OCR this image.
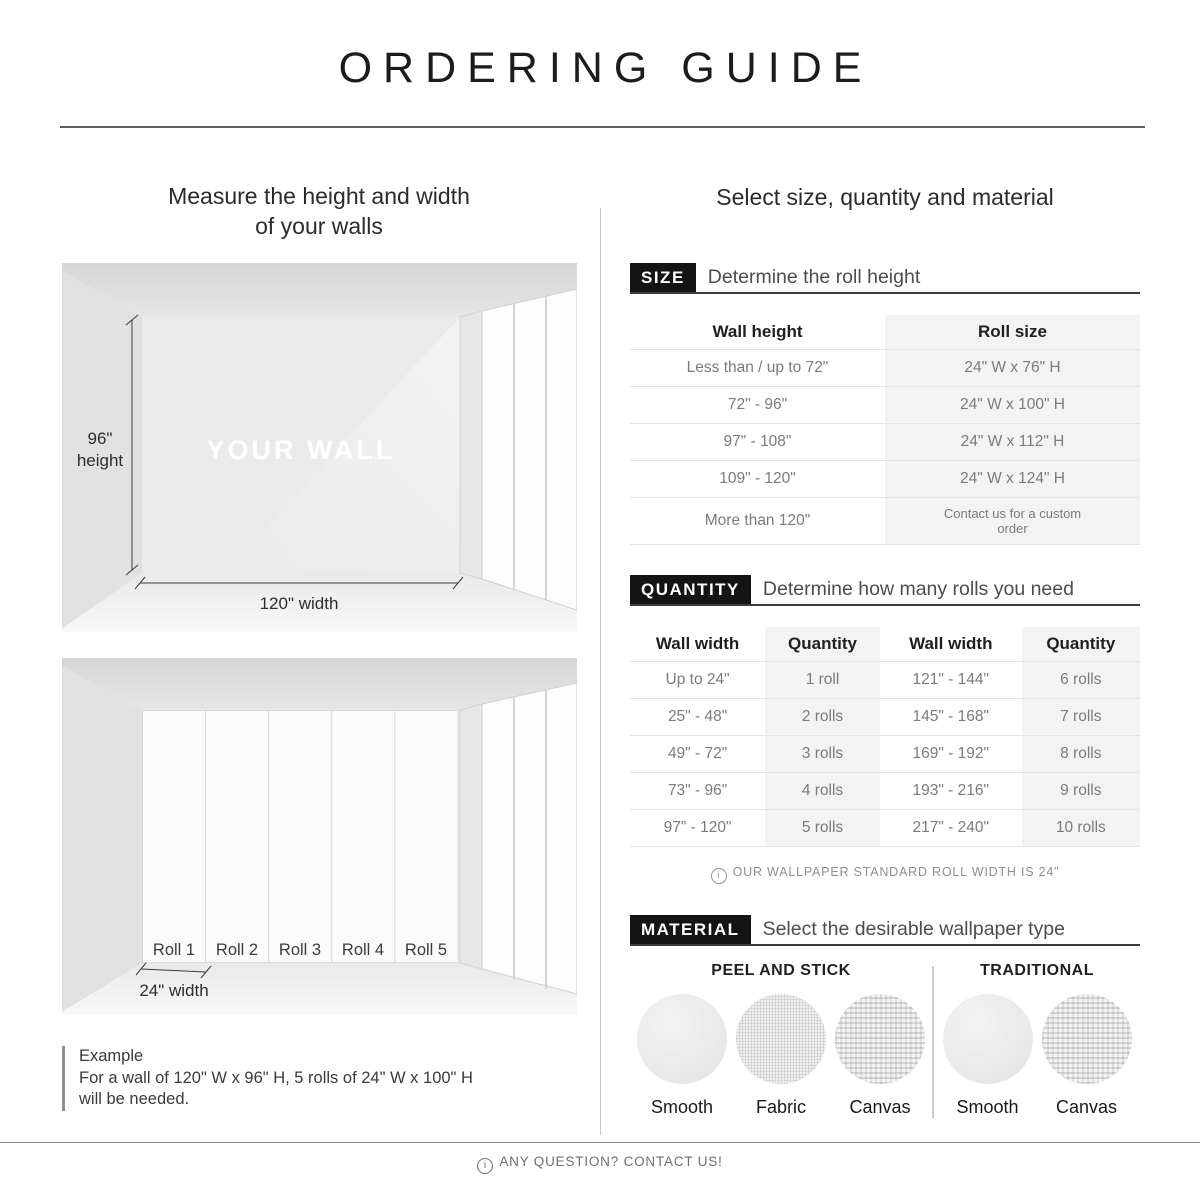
ORDERING GUIDE
Measure the height and width
of your walls
96"
height	YOUR WALL
120" width
Roll 1 Roll 2 Roll 3 Roll 4 Roll 5
24" width
Example
For a wall of 120" W x 96" H, 5 rolls of 24" W x 100" H
will be needed.
Select size, quantity and material
SIZE	Determine the roll height
Wall height	Roll size
Less than / up to 72"	24" W x 76" H
72" - 96"	24" W x 100" H
97" - 108"	24" W x 112" H
109" - 120"	24" W x 124" H
More than 120"	Contact us for a custom order
QUANTITY	Determine how many rolls you need
Wall width	Quantity	Wall width	Quantity
Up to 24"	1 roll	121" - 144"	6 rolls
25" - 48"	2 rolls	145" - 168"	7 rolls
49" - 72"	3 rolls	169" - 192"	8 rolls
73" - 96"	4 rolls	193" - 216"	9 rolls
97" - 120"	5 rolls	217" - 240"	10 rolls
i OUR WALLPAPER STANDARD ROLL WIDTH IS 24"
MATERIAL	Select the desirable wallpaper type
PEEL AND STICK
Smooth Fabric Canvas
TRADITIONAL
Smooth Canvas
i ANY QUESTION? CONTACT US!
